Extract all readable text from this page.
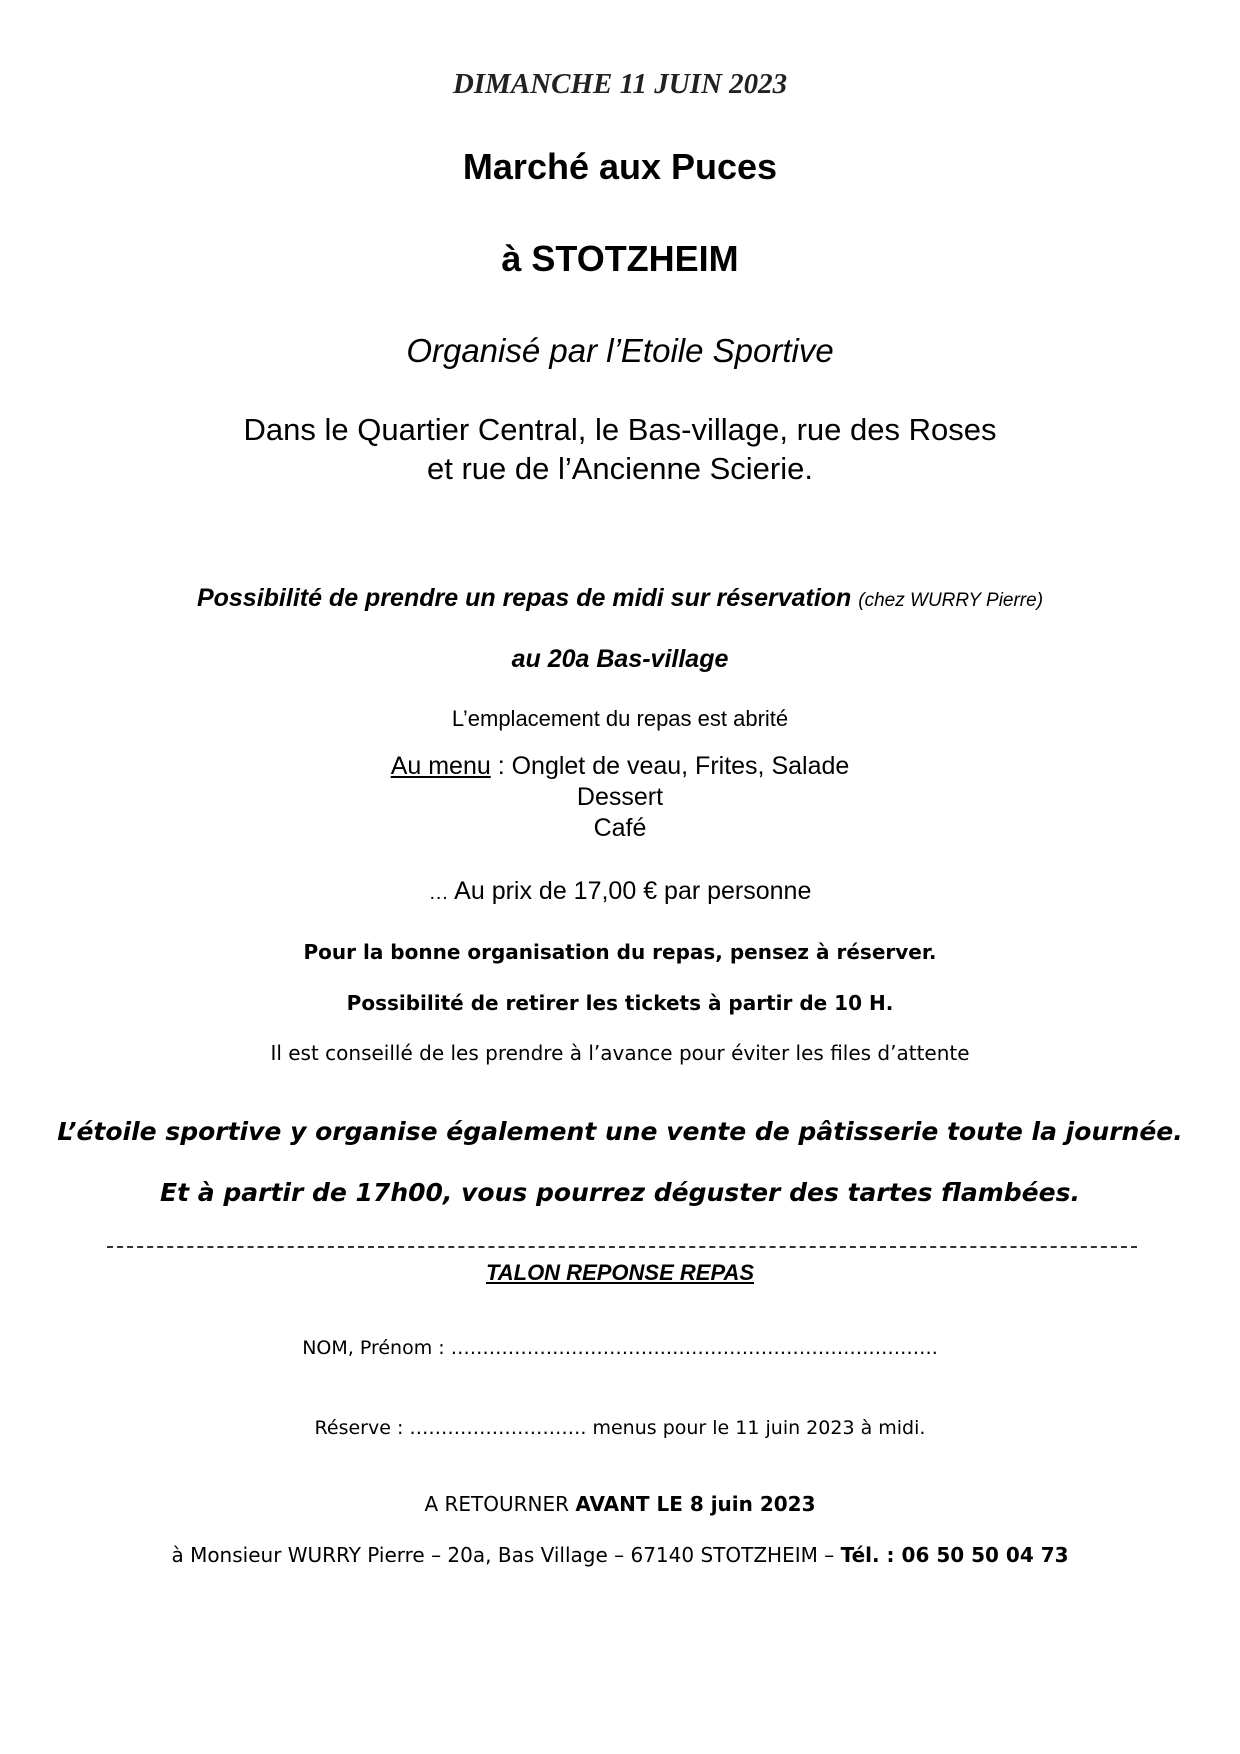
DIMANCHE 11 JUIN 2023
Marché aux Puces
à STOTZHEIM
Organisé par l’Etoile Sportive
Dans le Quartier Central, le Bas-village, rue des Roses
et rue de l’Ancienne Scierie.
Possibilité de prendre un repas de midi sur réservation (chez WURRY Pierre)
au 20a Bas-village
L’emplacement du repas est abrité
Au menu : Onglet de veau, Frites, Salade
Dessert
Café
… Au prix de 17,00 € par personne
Pour la bonne organisation du repas, pensez à réserver.
Possibilité de retirer les tickets à partir de 10 H.
Il est conseillé de les prendre à l’avance pour éviter les files d’attente
L’étoile sportive y organise également une vente de pâtisserie toute la journée.
Et à partir de 17h00, vous pourrez déguster des tartes flambées.
TALON REPONSE REPAS
NOM, Prénom : …………………………….…………………………………….
Réserve : ………………………. menus pour le 11 juin 2023 à midi.
A RETOURNER AVANT LE 8 juin 2023
à Monsieur WURRY Pierre – 20a, Bas Village – 67140 STOTZHEIM – Tél. : 06 50 50 04 73
